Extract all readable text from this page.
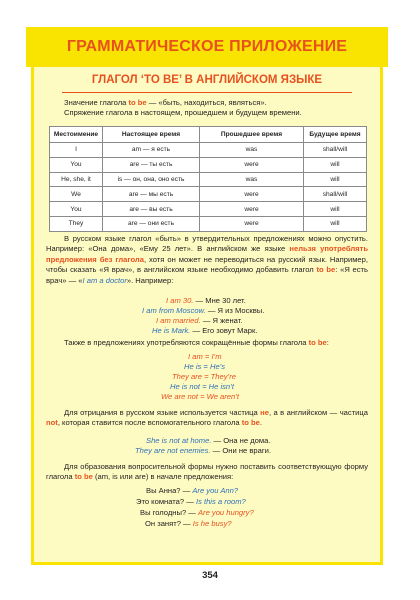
ГРАММАТИЧЕСКОЕ ПРИЛОЖЕНИЕ
ГЛАГОЛ ‘TO BE’ В АНГЛИЙСКОМ ЯЗЫКЕ
Значение глагола to be — «быть, находиться, являться».
Спряжение глагола в настоящем, прошедшем и будущем времени.
Местоимение	Настоящее время	Прошедшее время	Будущее время
I	am — я есть	was	shall/will
You	are — ты есть	were	will
He, she, it	is — он, она, оно есть	was	will
We	are — мы есть	were	shall/will
You	are — вы есть	were	will
They	are — они есть	were	will
В русском языке глагол «быть» в утвердительных предложениях можно опустить. Например: «Она дома», «Ему 25 лет». В английском же языке нельзя употреблять предложения без глагола, хотя он может не переводиться на русский язык. Например, чтобы сказать «Я врач», в английском языке необходимо добавить глагол to be: «Я есть врач» — «I am a doctor». Например:
I am 30. — Мне 30 лет.
I am from Moscow. — Я из Москвы.
I am married. — Я женат.
He is Mark. — Его зовут Марк.
Также в предложениях употребляются сокращённые формы глагола to be:
I am = I’m
He is = He’s
They are = They’re
He is not = He isn’t
We are not = We aren’t
Для отрицания в русском языке используется частица не, а в английском — частица not, которая ставится после вспомогательного глагола to be.
She is not at home. — Она не дома.
They are not enemies. — Они не враги.
Для образования вопросительной формы нужно поставить соответствующую форму глагола to be (am, is или are) в начале предложения:
Вы Анна? — Are you Ann?
Это комната? — Is this a room?
Вы голодны? — Are you hungry?
Он занят? — Is he busy?
354
